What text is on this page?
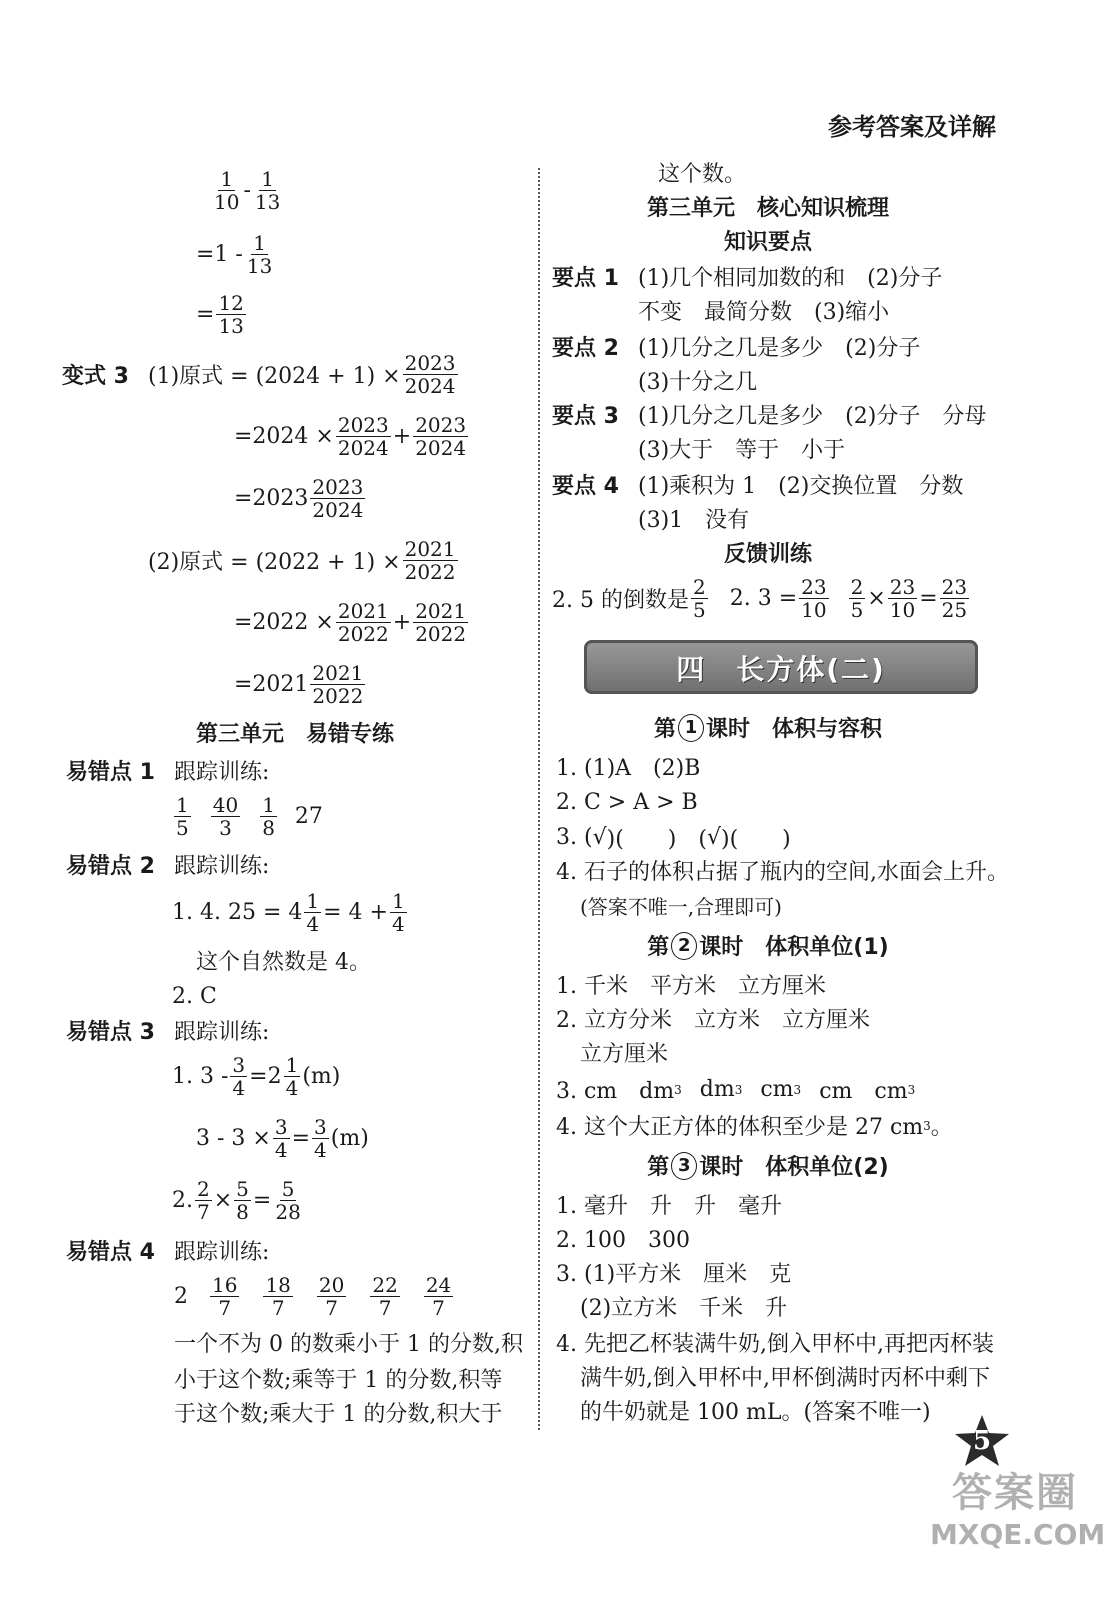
参考答案及详解
$\frac{1}{10} - \frac{1}{13}$
$=1 - \frac{1}{13}$
= $\frac{12}{13}$
变式 3 (1)原式 = $(2024 + 1) \times \frac{2023}{2024}$
$=2024 \times \frac{2023}{2024} + \frac{2023}{2024}$
$=2023 \frac{2023}{2024}$
(2)原式 = $(2022 + 1) \times \frac{2021}{2022}$
$=2022 \times \frac{2021}{2022} + \frac{2021}{2022}$
$=2021 \frac{2021}{2022}$
第三单元　易错专练
易错点 1 跟踪训练:
$\frac{1}{5} \frac{40}{3} \frac{1}{8} 27$
易错点 2 跟踪训练:
1. 4. $25 = 4 \frac{1}{4} = 4 + \frac{1}{4}$
这个自然数是 4。
2. C
易错点 3 跟踪训练:
1. $3 - \frac{3}{4} =2 \frac{1}{4} (m)$
$3 - 3 \times \frac{3}{4} = \frac{3}{4} (m)$
2. $\frac{2}{7} \times \frac{5}{8} = \frac{5}{28}$
易错点 4 跟踪训练:
$2 \frac{16}{7} \frac{18}{7} \frac{20}{7} \frac{22}{7} \frac{24}{7}$
一个不为 0 的数乘小于 1 的分数,积
小于这个数;乘等于 1 的分数,积等
于这个数;乘大于 1 的分数,积大于
这个数。
第三单元　核心知识梳理
知识要点
要点 1 (1)几个相同加数的和　(2)分子
不变　最简分数　(3)缩小
要点 2 (1)几分之几是多少　(2)分子
(3)十分之几
要点 3 (1)几分之几是多少　(2)分子　分母
(3)大于　等于　小于
要点 4 (1)乘积为 1　(2)交换位置　分数
(3)1　没有
反馈训练
2. 5 的倒数是 $\frac{2}{5} 2$. $3 = \frac{23}{10} \frac{2}{5} \times \frac{23}{10} = \frac{23}{25}$
四　长方体(二)
第 1 课时　体积与容积
1. (1)A　(2)B
2. C > A > B
3. ( √ )(　　)　( √ )(　　)
4. 石子的体积占据了瓶内的空间,水面会上升。
(答案不唯一,合理即可)
第 2 课时　体积单位(1)
1. 千米　平方米　立方厘米
2. 立方分米　立方米　立方厘米
立方厘米
3. cm　dm 3 dm 3 cm 3 cm　cm 3
4. 这个大正方体的体积至少是 27 cm 3 。
第 3 课时　体积单位(2)
1. 毫升　升　升　毫升
2. 100　300
3. (1)平方米　厘米　克
(2)立方米　千米　升
4. 先把乙杯装满牛奶,倒入甲杯中,再把丙杯装
满牛奶,倒入甲杯中,甲杯倒满时丙杯中剩下
的牛奶就是 100 mL。(答案不唯一)
5
答案圈
MXQE.COM
